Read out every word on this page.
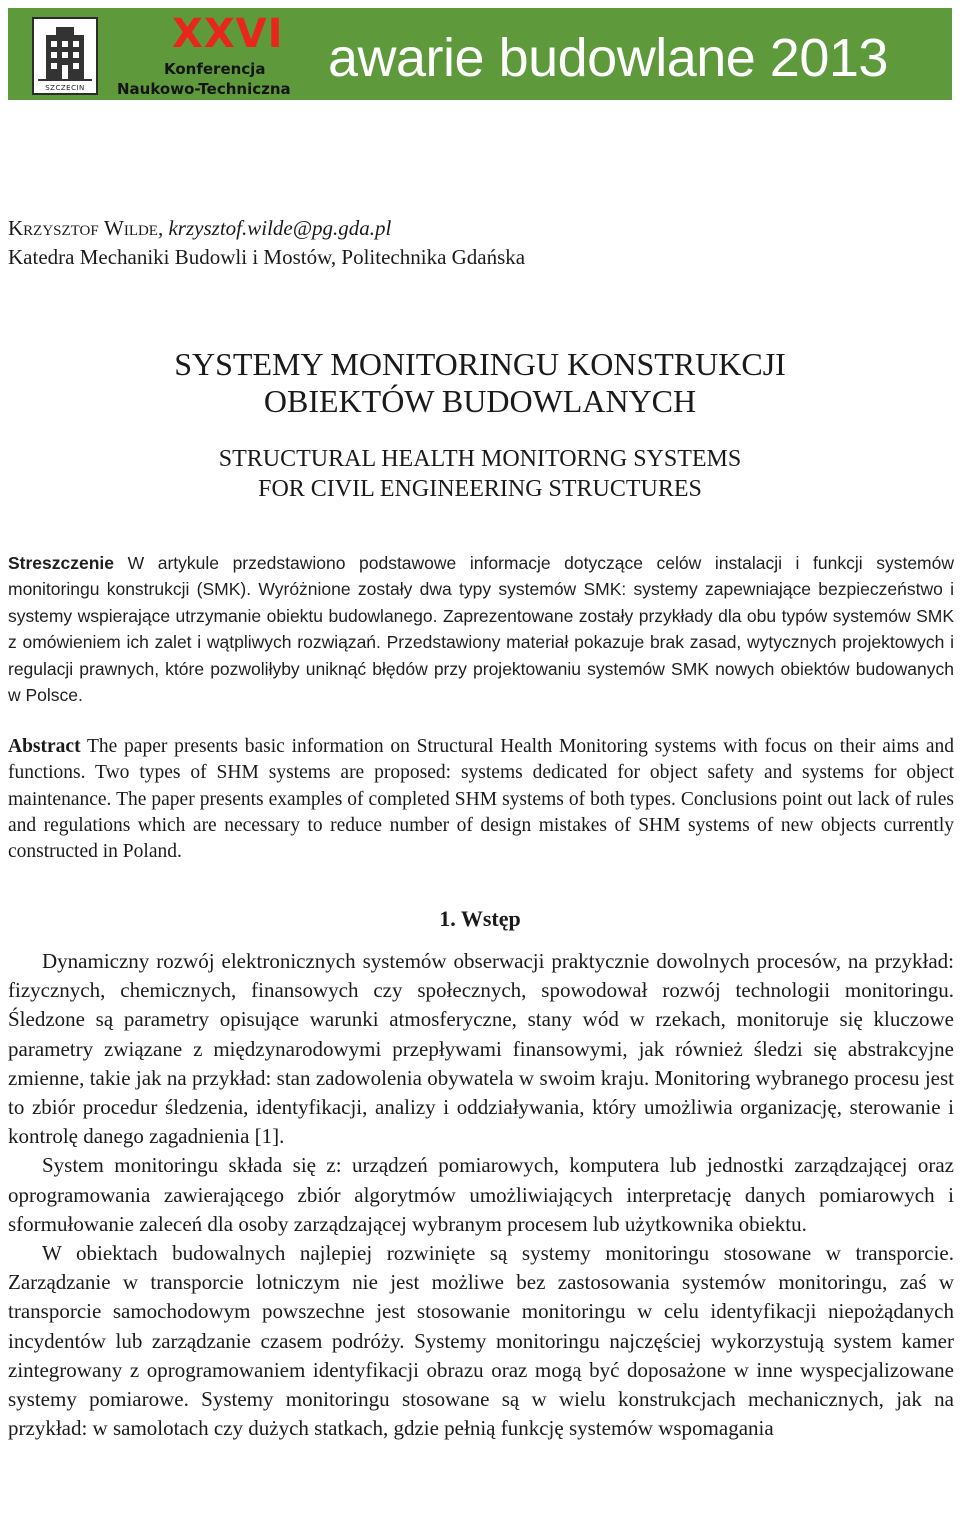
SZCZECIN
XXVI
Konferencja
Naukowo-Techniczna
awarie budowlane 2013
Krzysztof Wilde, krzysztof.wilde@pg.gda.pl
Katedra Mechaniki Budowli i Mostów, Politechnika Gdańska
SYSTEMY MONITORINGU KONSTRUKCJI
OBIEKTÓW BUDOWLANYCH
STRUCTURAL HEALTH MONITORNG SYSTEMS
FOR CIVIL ENGINEERING STRUCTURES
Streszczenie W artykule przedstawiono podstawowe informacje dotyczące celów instalacji i funkcji systemów monitoringu konstrukcji (SMK). Wyróżnione zostały dwa typy systemów SMK: systemy zapewniające bezpieczeństwo i systemy wspierające utrzymanie obiektu budowlanego. Zaprezentowane zostały przykłady dla obu typów systemów SMK z omówieniem ich zalet i wątpliwych rozwiązań. Przedstawiony materiał pokazuje brak zasad, wytycznych projektowych i regulacji prawnych, które pozwoliłyby uniknąć błędów przy projektowaniu systemów SMK nowych obiektów budowanych w Polsce.
Abstract The paper presents basic information on Structural Health Monitoring systems with focus on their aims and functions. Two types of SHM systems are proposed: systems dedicated for object safety and systems for object maintenance. The paper presents examples of completed SHM systems of both types. Conclusions point out lack of rules and regulations which are necessary to reduce number of design mistakes of SHM systems of new objects currently constructed in Poland.
1. Wstęp

Dynamiczny rozwój elektronicznych systemów obserwacji praktycznie dowolnych procesów, na przykład: fizycznych, chemicznych, finansowych czy społecznych, spowodował rozwój technologii monitoringu. Śledzone są parametry opisujące warunki atmosferyczne, stany wód w rzekach, monitoruje się kluczowe parametry związane z międzynarodowymi przepływami finansowymi, jak również śledzi się abstrakcyjne zmienne, takie jak na przykład: stan zadowolenia obywatela w swoim kraju. Monitoring wybranego procesu jest to zbiór procedur śledzenia, identyfikacji, analizy i oddziaływania, który umożliwia organizację, sterowanie i kontrolę danego zagadnienia [1].

System monitoringu składa się z: urządzeń pomiarowych, komputera lub jednostki zarządzającej oraz oprogramowania zawierającego zbiór algorytmów umożliwiających interpretację danych pomiarowych i sformułowanie zaleceń dla osoby zarządzającej wybranym procesem lub użytkownika obiektu.

W obiektach budowalnych najlepiej rozwinięte są systemy monitoringu stosowane w transporcie. Zarządzanie w transporcie lotniczym nie jest możliwe bez zastosowania systemów monitoringu, zaś w transporcie samochodowym powszechne jest stosowanie monitoringu w celu identyfikacji niepożądanych incydentów lub zarządzanie czasem podróży. Systemy monitoringu najczęściej wykorzystują system kamer zintegrowany z oprogramowaniem identyfikacji obrazu oraz mogą być doposażone w inne wyspecjalizowane systemy pomiarowe. Systemy monitoringu stosowane są w wielu konstrukcjach mechanicznych, jak na przykład: w samolotach czy dużych statkach, gdzie pełnią funkcję systemów wspomagania
